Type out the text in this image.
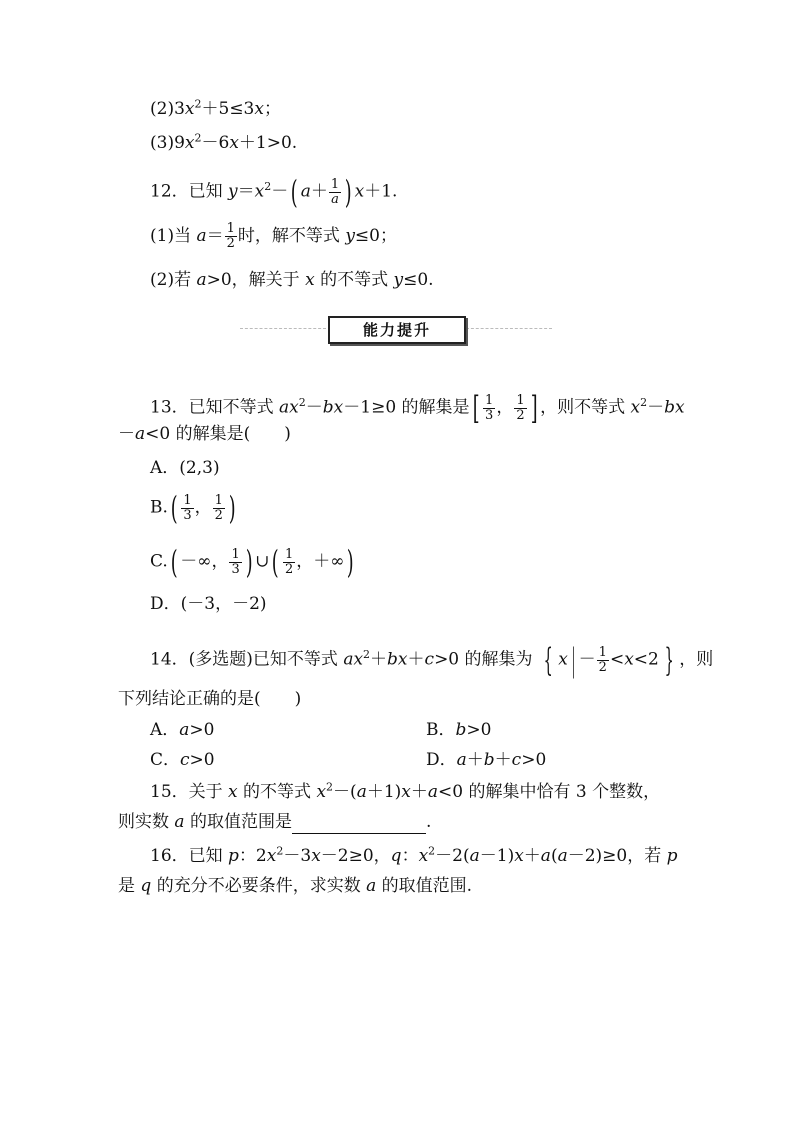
$(2)3x^2+5\le 3x$；
$(3)9x^2-6x+1>0$.
12．已知 $y=x^2-$( $a+ \frac{1}{a}$ ) x＋1.
(1)当 $a= \frac{1}{2}$ 时，解不等式 y≤0；
(2)若 a>0，解关于 x 的不等式 y≤0.
能力提升
13．已知不等式 $ax^2-bx-1\ge 0$ 的解集是[ $\frac{1}{3}$ ， $\frac{1}{2}$ ] ，则不等式 $x^2-bx$
－a<0 的解集是(　　)
A．(2,3)
$B.( \frac{1}{3}$ ， $\frac{1}{2}$ )
C.( －∞， $\frac{1}{3}$ ) ∪( $\frac{1}{2}$ ，＋∞)
D．(－3，－2)
14．(多选题)已知不等式 $ax^2+bx+c>0$ 的解集为 { x | － $\frac{1}{2} <x<2$ } ，则
下列结论正确的是(　　)
A．a>0	B．b>0
C．c>0	D．a＋b＋c>0
15．关于 x 的不等式 $x^2-(a+1)x+a<0$ 的解集中恰有 3 个整数，
则实数 a 的取值范围是	.
16．已知 p：$2x^2-3x-2\ge 0$，q：$x^2-2(a-1)x+a(a-2)\ge 0$，若 p
是 q 的充分不必要条件，求实数 a 的取值范围.
